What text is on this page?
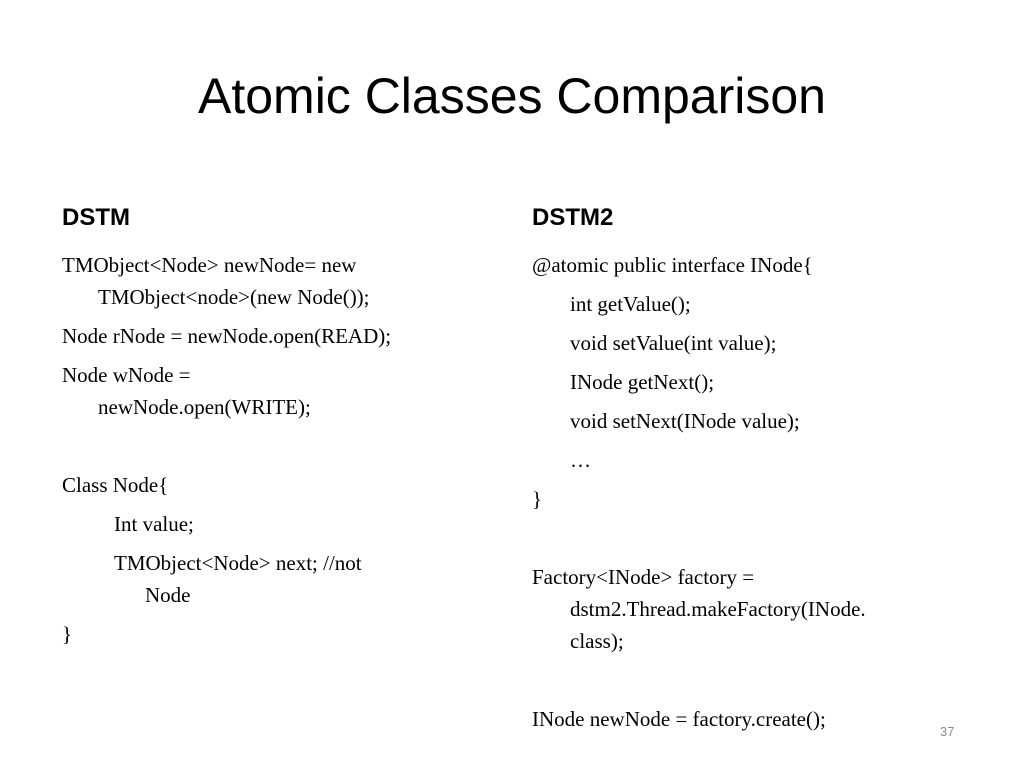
Atomic Classes Comparison
DSTM
TMObject<Node> newNode= new
TMObject<node>(new Node());
Node rNode = newNode.open(READ);
Node wNode =
newNode.open(WRITE);
Class Node{
Int value;
TMObject<Node> next; //not
Node
}
DSTM2
@atomic public interface INode{
int getValue();
void setValue(int value);
INode getNext();
void setNext(INode value);
…
}
Factory<INode> factory =
dstm2.Thread.makeFactory(INode.
class);
INode newNode = factory.create();
37
